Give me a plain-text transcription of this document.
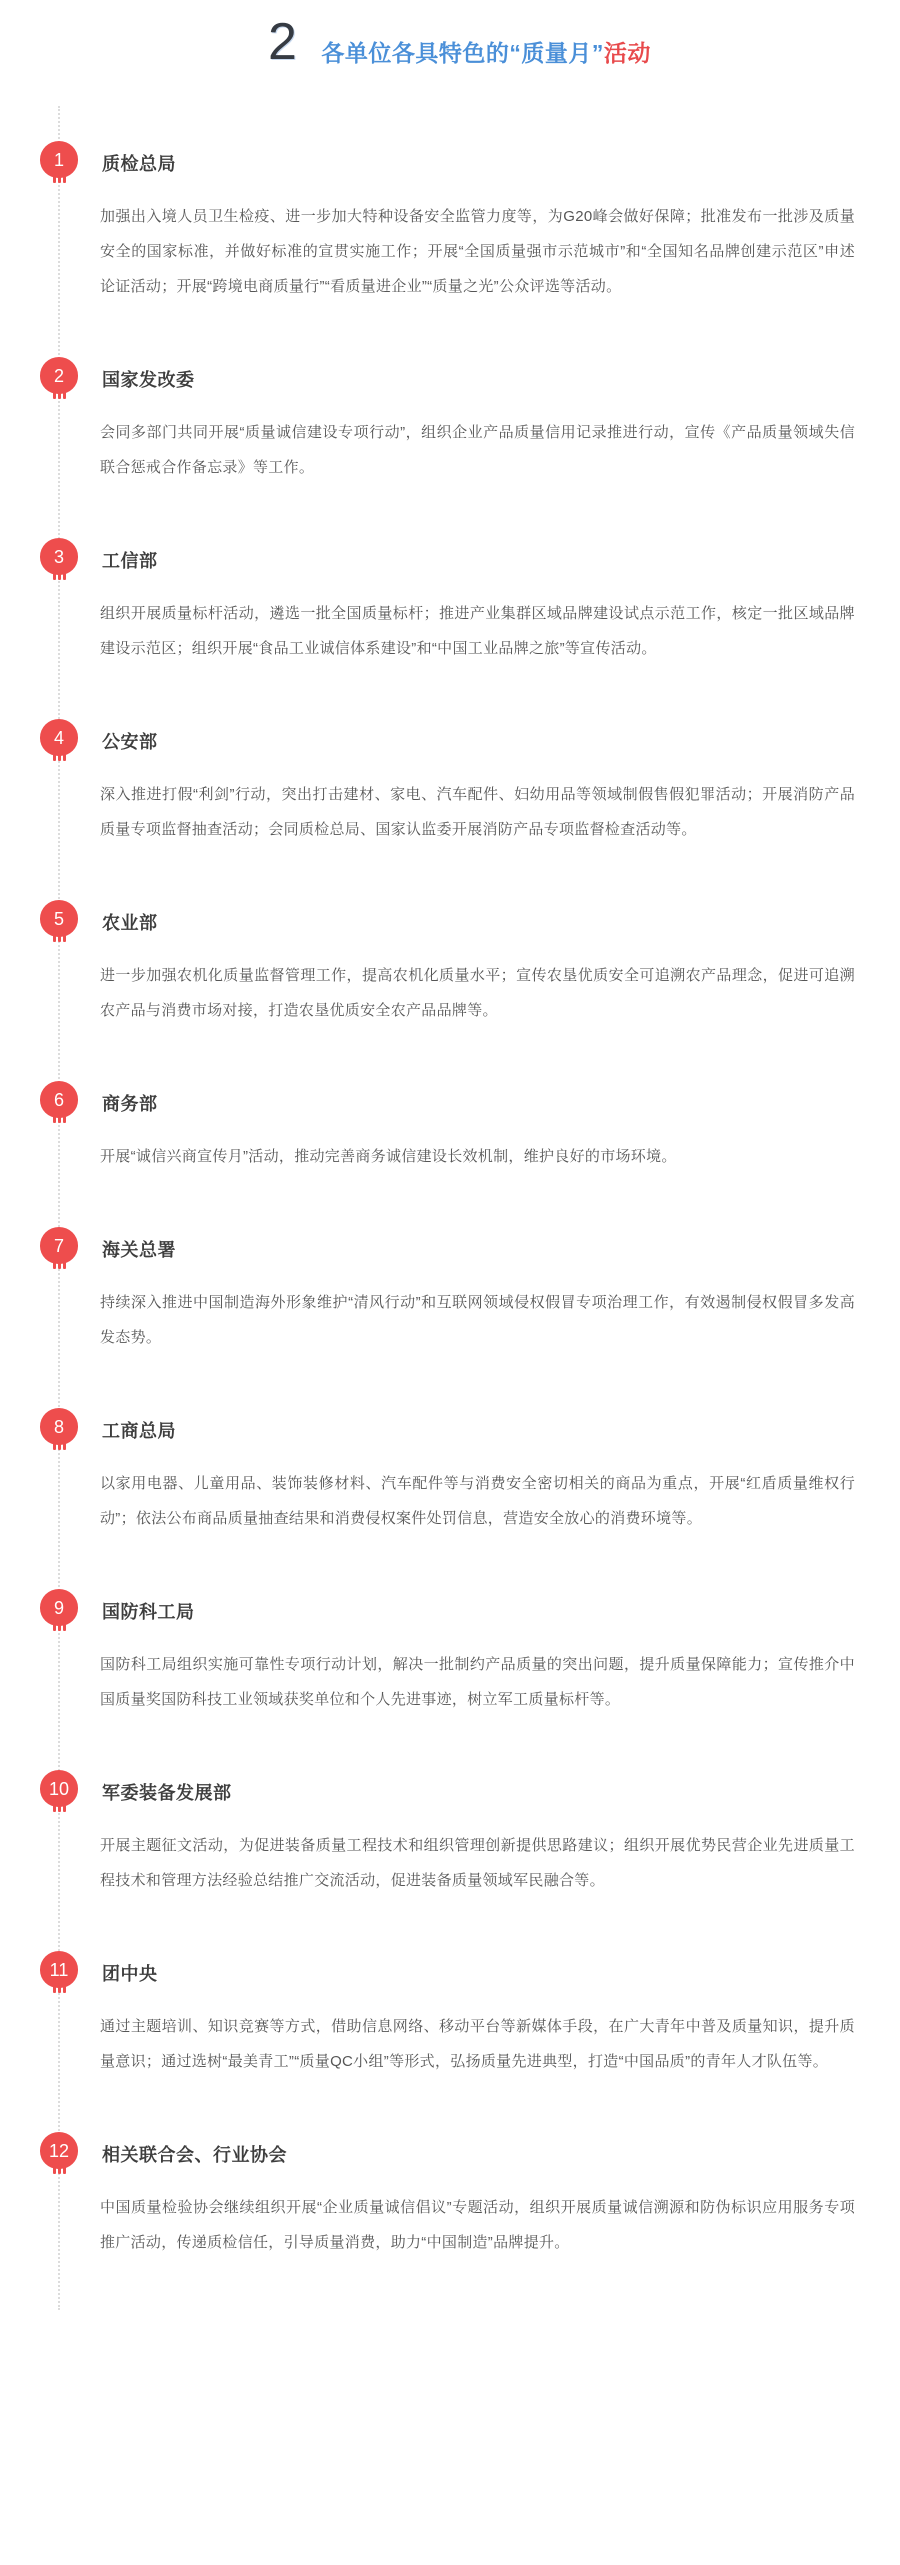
2 各单位各具特色的“质量月”活动
1	质检总局
加强出入境人员卫生检疫、进一步加大特种设备安全监管力度等，为G20峰会做好保障；批准发布一批涉及质量安全的国家标准，并做好标准的宣贯实施工作；开展“全国质量强市示范城市”和“全国知名品牌创建示范区”申述论证活动；开展“跨境电商质量行”“看质量进企业”“质量之光”公众评选等活动。
2	国家发改委
会同多部门共同开展“质量诚信建设专项行动”，组织企业产品质量信用记录推进行动，宣传《产品质量领域失信联合惩戒合作备忘录》等工作。
3	工信部
组织开展质量标杆活动，遴选一批全国质量标杆；推进产业集群区域品牌建设试点示范工作，核定一批区域品牌建设示范区；组织开展“食品工业诚信体系建设”和“中国工业品牌之旅”等宣传活动。
4	公安部
深入推进打假“利剑”行动，突出打击建材、家电、汽车配件、妇幼用品等领域制假售假犯罪活动；开展消防产品质量专项监督抽查活动；会同质检总局、国家认监委开展消防产品专项监督检查活动等。
5	农业部
进一步加强农机化质量监督管理工作，提高农机化质量水平；宣传农垦优质安全可追溯农产品理念，促进可追溯农产品与消费市场对接，打造农垦优质安全农产品品牌等。
6	商务部
开展“诚信兴商宣传月”活动，推动完善商务诚信建设长效机制，维护良好的市场环境。
7	海关总署
持续深入推进中国制造海外形象维护“清风行动”和互联网领域侵权假冒专项治理工作，有效遏制侵权假冒多发高发态势。
8	工商总局
以家用电器、儿童用品、装饰装修材料、汽车配件等与消费安全密切相关的商品为重点，开展“红盾质量维权行动”；依法公布商品质量抽查结果和消费侵权案件处罚信息，营造安全放心的消费环境等。
9	国防科工局
国防科工局组织实施可靠性专项行动计划，解决一批制约产品质量的突出问题，提升质量保障能力；宣传推介中国质量奖国防科技工业领域获奖单位和个人先进事迹，树立军工质量标杆等。
10	军委装备发展部
开展主题征文活动，为促进装备质量工程技术和组织管理创新提供思路建议；组织开展优势民营企业先进质量工程技术和管理方法经验总结推广交流活动，促进装备质量领域军民融合等。
11	团中央
通过主题培训、知识竞赛等方式，借助信息网络、移动平台等新媒体手段，在广大青年中普及质量知识，提升质量意识；通过选树“最美青工”“质量QC小组”等形式，弘扬质量先进典型，打造“中国品质”的青年人才队伍等。
12	相关联合会、行业协会
中国质量检验协会继续组织开展“企业质量诚信倡议”专题活动，组织开展质量诚信溯源和防伪标识应用服务专项推广活动，传递质检信任，引导质量消费，助力“中国制造”品牌提升。
